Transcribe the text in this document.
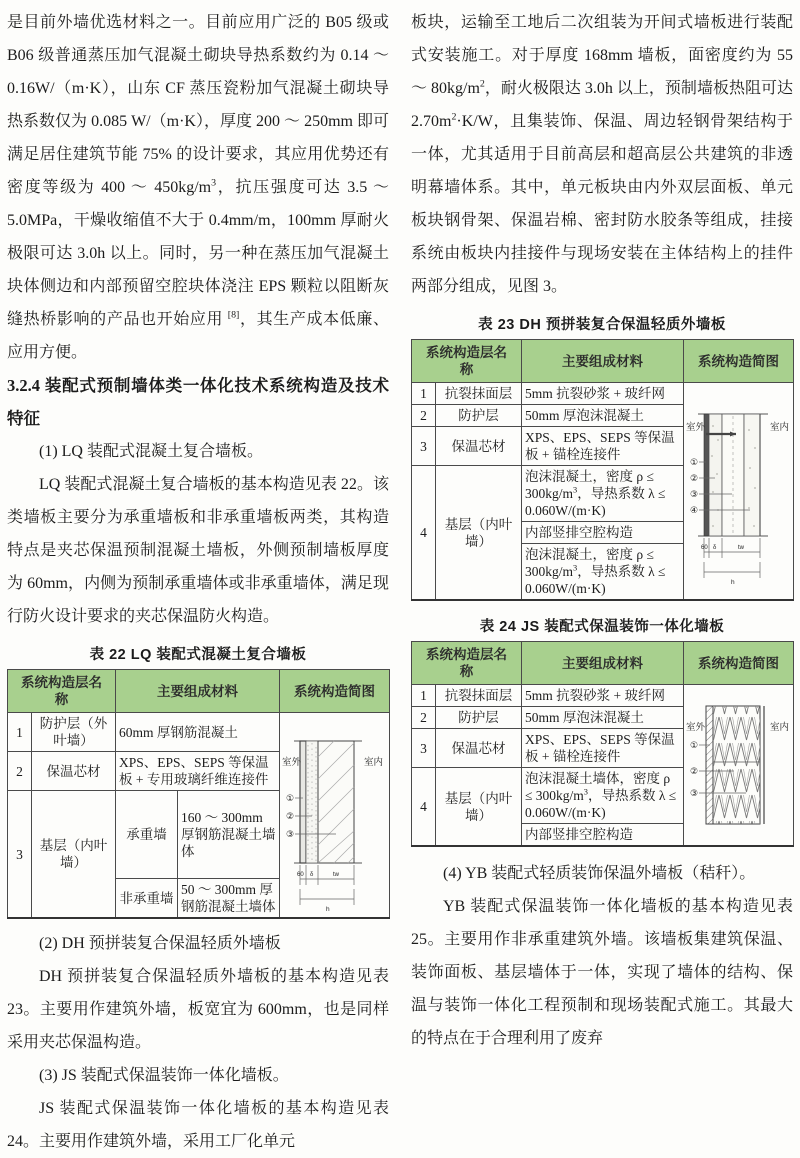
是目前外墙优选材料之一。目前应用广泛的 B05 级或 B06 级普通蒸压加气混凝土砌块导热系数约为 0.14 ～ 0.16W/（m·K），山东 CF 蒸压瓷粉加气混凝土砌块导热系数仅为 0.085 W/（m·K），厚度 200 ～ 250mm 即可满足居住建筑节能 75% 的设计要求，其应用优势还有密度等级为 400 ～ $450kg/m^3$，抗压强度可达 3.5 ～ 5.0MPa，干燥收缩值不大于 0.4mm/m，100mm 厚耐火极限可达 3.0h 以上。同时，另一种在蒸压加气混凝土块体侧边和内部预留空腔块体浇注 EPS 颗粒以阻断灰缝热桥影响的产品也开始应用 [8]，其生产成本低廉、应用方便。

3.2.4 装配式预制墙体类一体化技术系统构造及技术特征

(1) LQ 装配式混凝土复合墙板。

LQ 装配式混凝土复合墙板的基本构造见表 22。该类墙板主要分为承重墙板和非承重墙板两类，其构造特点是夹芯保温预制混凝土墙板，外侧预制墙板厚度为 60mm，内侧为预制承重墙体或非承重墙体，满足现行防火设计要求的夹芯保温防火构造。

表 22 LQ 装配式混凝土复合墙板
系统构造层名称		主要组成材料		系统构造简图
1	防护层（外叶墙）	60mm 厚钢筋混凝土	
室外	室内
①
②
③
60 δ	tw
h

2	保温芯材	XPS、EPS、SEPS 等保温板 + 专用玻璃纤维连接件		
3	基层（内叶墙）	承重墙	160 ～ 300mm 厚钢筋混凝土墙体	
		非承重墙	50 ～ 300mm 厚钢筋混凝土墙体	

(2) DH 预拼装复合保温轻质外墙板

DH 预拼装复合保温轻质外墙板的基本构造见表 23。主要用作建筑外墙，板宽宜为 600mm，也是同样采用夹芯保温构造。

(3) JS 装配式保温装饰一体化墙板。

JS 装配式保温装饰一体化墙板的基本构造见表 24。主要用作建筑外墙，采用工厂化单元

板块，运输至工地后二次组装为开间式墙板进行装配式安装施工。对于厚度 168mm 墙板，面密度约为 55 ～ $80kg/m^2$，耐火极限达 3.0h 以上，预制墙板热阻可达 $2.70m^2\cdot K/W$，且集装饰、保温、周边轻钢骨架结构于一体，尤其适用于目前高层和超高层公共建筑的非透明幕墙体系。其中，单元板块由内外双层面板、单元板块钢骨架、保温岩棉、密封防水胶条等组成，挂接系统由板块内挂接件与现场安装在主体结构上的挂件两部分组成，见图 3。

表 23 DH 预拼装复合保温轻质外墙板
系统构造层名称		主要组成材料	系统构造简图
1	抗裂抹面层	5mm 抗裂砂浆 + 玻纤网	
室外	室内
①
②
③
④
60 δ	tw
h

2	防护层	50mm 厚泡沫混凝土	
3	保温芯材	XPS、EPS、SEPS 等保温板 + 锚栓连接件	
4	基层（内叶墙）	泡沫混凝土，密度 $\rho \le 300kg/m^3$，导热系数 λ ≤ 0.060W/(m·K)	
		内部竖排空腔构造	
		泡沫混凝土，密度 $\rho \le 300kg/m^3$，导热系数 λ ≤ 0.060W/(m·K)	
表 24 JS 装配式保温装饰一体化墙板
系统构造层名称		主要组成材料	系统构造简图
1	抗裂抹面层	5mm 抗裂砂浆 + 玻纤网	室外 室内
①
②
③

2	防护层	50mm 厚泡沫混凝土	
3	保温芯材	XPS、EPS、SEPS 等保温板 + 锚栓连接件	
4	基层（内叶墙）	泡沫混凝土墙体，密度 $\rho \le 300kg/m^3$，导热系数 λ ≤ 0.060W/(m·K)	
		内部竖排空腔构造	

(4) YB 装配式轻质装饰保温外墙板（秸秆）。

YB 装配式保温装饰一体化墙板的基本构造见表 25。主要用作非承重建筑外墙。该墙板集建筑保温、装饰面板、基层墙体于一体，实现了墙体的结构、保温与装饰一体化工程预制和现场装配式施工。其最大的特点在于合理利用了废弃
